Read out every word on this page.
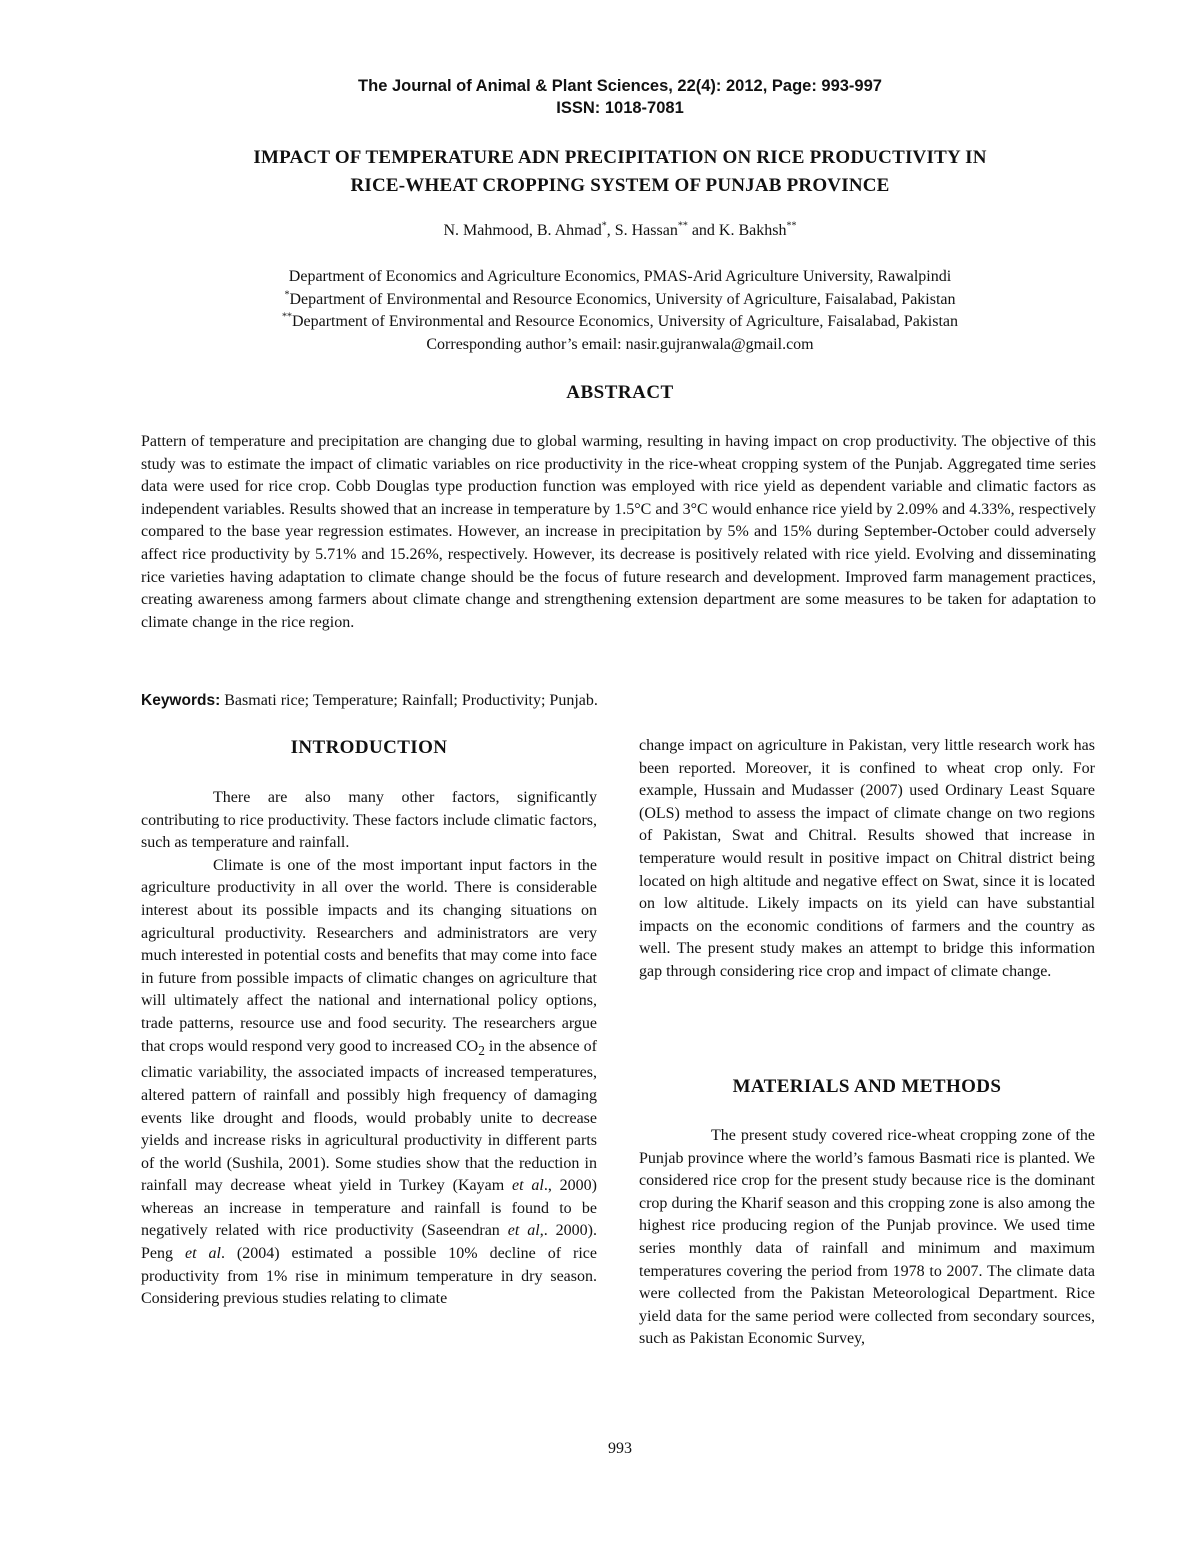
The Journal of Animal & Plant Sciences, 22(4): 2012, Page: 993-997
ISSN: 1018-7081
IMPACT OF TEMPERATURE ADN PRECIPITATION ON RICE PRODUCTIVITY IN
RICE-WHEAT CROPPING SYSTEM OF PUNJAB PROVINCE
N. Mahmood, B. Ahmad*, S. Hassan** and K. Bakhsh**
Department of Economics and Agriculture Economics, PMAS-Arid Agriculture University, Rawalpindi
*Department of Environmental and Resource Economics, University of Agriculture, Faisalabad, Pakistan
**Department of Environmental and Resource Economics, University of Agriculture, Faisalabad, Pakistan
Corresponding author’s email: nasir.gujranwala@gmail.com
ABSTRACT

Pattern of temperature and precipitation are changing due to global warming, resulting in having impact on crop productivity. The objective of this study was to estimate the impact of climatic variables on rice productivity in the rice-wheat cropping system of the Punjab. Aggregated time series data were used for rice crop. Cobb Douglas type production function was employed with rice yield as dependent variable and climatic factors as independent variables. Results showed that an increase in temperature by 1.5°C and 3°C would enhance rice yield by 2.09% and 4.33%, respectively compared to the base year regression estimates. However, an increase in precipitation by 5% and 15% during September-October could adversely affect rice productivity by 5.71% and 15.26%, respectively. However, its decrease is positively related with rice yield. Evolving and disseminating rice varieties having adaptation to climate change should be the focus of future research and development. Improved farm management practices, creating awareness among farmers about climate change and strengthening extension department are some measures to be taken for adaptation to climate change in the rice region.

Keywords: Basmati rice; Temperature; Rainfall; Productivity; Punjab.

INTRODUCTION

There are also many other factors, significantly contributing to rice productivity. These factors include climatic factors, such as temperature and rainfall.

Climate is one of the most important input factors in the agriculture productivity in all over the world. There is considerable interest about its possible impacts and its changing situations on agricultural productivity. Researchers and administrators are very much interested in potential costs and benefits that may come into face in future from possible impacts of climatic changes on agriculture that will ultimately affect the national and international policy options, trade patterns, resource use and food security. The researchers argue that crops would respond very good to increased $CO_2$ in the absence of climatic variability, the associated impacts of increased temperatures, altered pattern of rainfall and possibly high frequency of damaging events like drought and floods, would probably unite to decrease yields and increase risks in agricultural productivity in different parts of the world (Sushila, 2001). Some studies show that the reduction in rainfall may decrease wheat yield in Turkey (Kayam et al., 2000) whereas an increase in temperature and rainfall is found to be negatively related with rice productivity (Saseendran et al,. 2000). Peng et al. (2004) estimated a possible 10% decline of rice productivity from 1% rise in minimum temperature in dry season. Considering previous studies relating to climate

change impact on agriculture in Pakistan, very little research work has been reported. Moreover, it is confined to wheat crop only. For example, Hussain and Mudasser (2007) used Ordinary Least Square (OLS) method to assess the impact of climate change on two regions of Pakistan, Swat and Chitral. Results showed that increase in temperature would result in positive impact on Chitral district being located on high altitude and negative effect on Swat, since it is located on low altitude. Likely impacts on its yield can have substantial impacts on the economic conditions of farmers and the country as well. The present study makes an attempt to bridge this information gap through considering rice crop and impact of climate change.

MATERIALS AND METHODS

The present study covered rice-wheat cropping zone of the Punjab province where the world’s famous Basmati rice is planted. We considered rice crop for the present study because rice is the dominant crop during the Kharif season and this cropping zone is also among the highest rice producing region of the Punjab province. We used time series monthly data of rainfall and minimum and maximum temperatures covering the period from 1978 to 2007. The climate data were collected from the Pakistan Meteorological Department. Rice yield data for the same period were collected from secondary sources, such as Pakistan Economic Survey,

993
